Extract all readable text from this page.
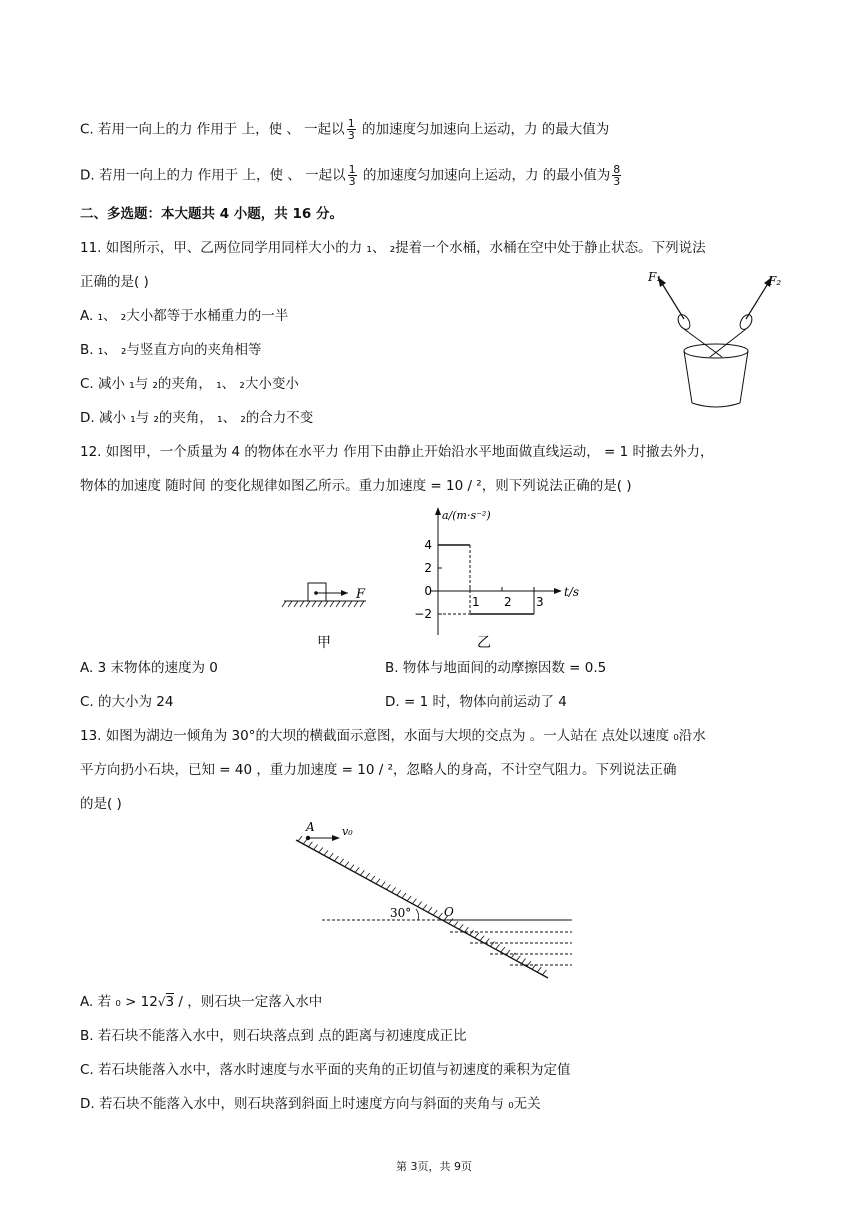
C. 若用一向上的力 作用于 上，使 、 一起以 $\frac{1}{3}$ 的加速度匀加速向上运动，力 的最大值为
D. 若用一向上的力 作用于 上，使 、 一起以 $\frac{1}{3}$ 的加速度匀加速向上运动，力 的最小值为 $\frac{8}{3}$
二、多选题：本大题共 4 小题，共 16 分。
11. 如图所示，甲、乙两位同学用同样大小的力 ₁、 ₂提着一个水桶，水桶在空中处于静止状态。下列说法
正确的是( )
A. ₁、 ₂大小都等于水桶重力的一半
B. ₁、 ₂与竖直方向的夹角相等
C. 减小 ₁与 ₂的夹角， ₁、 ₂大小变小
D. 减小 ₁与 ₂的夹角， ₁、 ₂的合力不变
F₁	F₂
12. 如图甲，一个质量为 4 的物体在水平力 作用下由静止开始沿水平地面做直线运动， = 1 时撤去外力，
物体的加速度 随时间 的变化规律如图乙所示。重力加速度 = 10 / ²，则下列说法正确的是( )
F
甲
a/(m·s⁻²)
t/s
4
2
0
−2
1 2 3
乙
A. 3 末物体的速度为 0	B. 物体与地面间的动摩擦因数 = 0.5
C. 的大小为 24	D. = 1 时，物体向前运动了 4
13. 如图为湖边一倾角为 30°的大坝的横截面示意图，水面与大坝的交点为 。一人站在 点处以速度 ₀沿水
平方向扔小石块，已知 = 40 ，重力加速度 = 10 / ²，忽略人的身高，不计空气阻力。下列说法正确
的是( )
A v₀
30°	O
A. 若 ₀ > 12√3 / ，则石块一定落入水中
B. 若石块不能落入水中，则石块落点到 点的距离与初速度成正比
C. 若石块能落入水中，落水时速度与水平面的夹角的正切值与初速度的乘积为定值
D. 若石块不能落入水中，则石块落到斜面上时速度方向与斜面的夹角与 ₀无关
第 3页，共 9页
